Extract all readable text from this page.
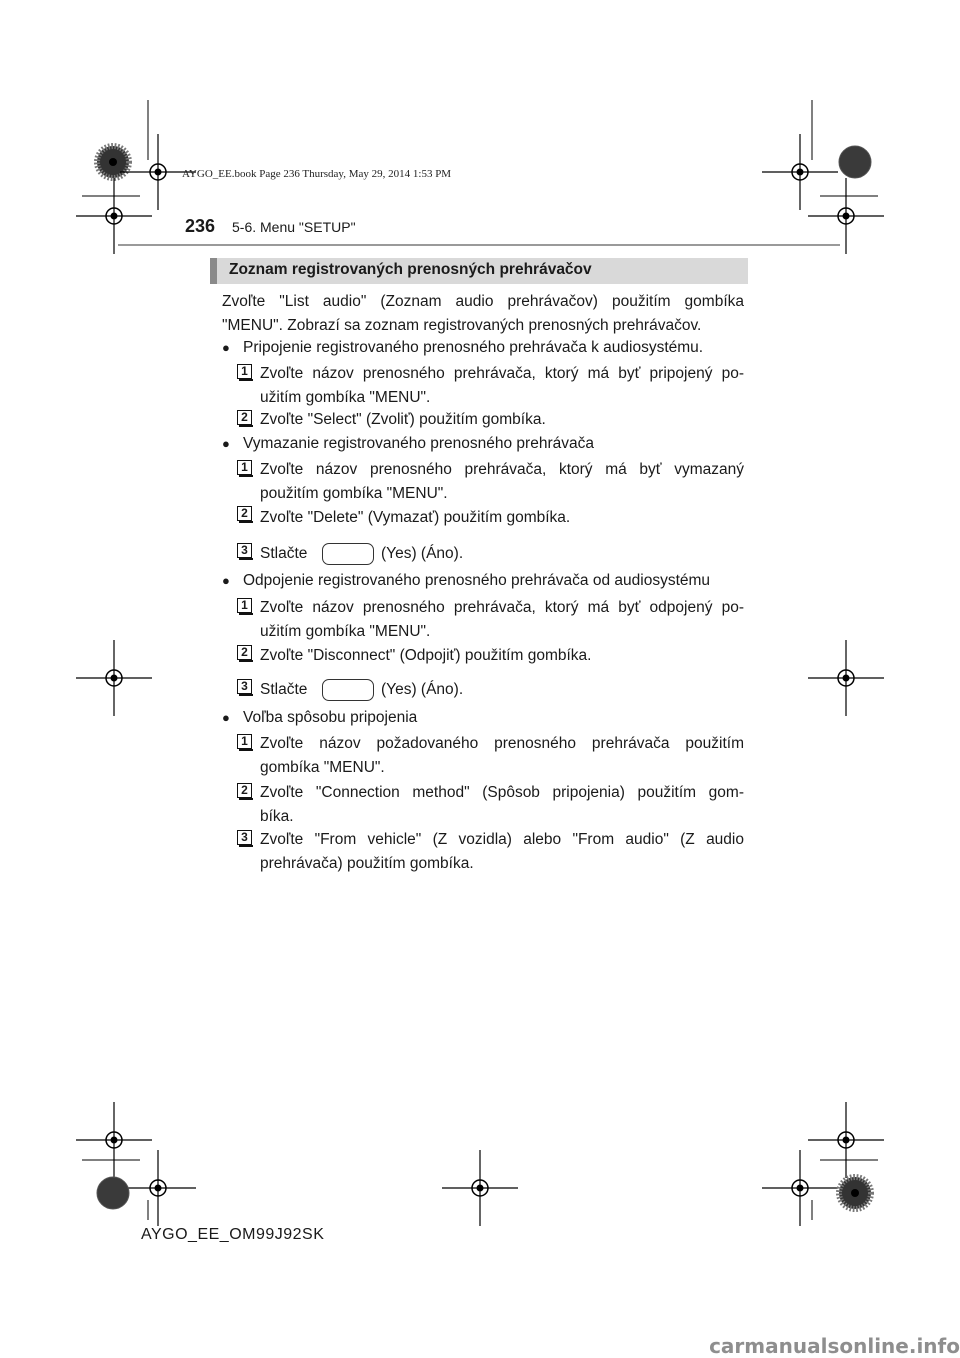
AYGO_EE.book Page 236 Thursday, May 29, 2014 1:53 PM
236 5-6. Menu "SETUP"
Zoznam registrovaných prenosných prehrávačov
Zvoľte "List audio" (Zoznam audio prehrávačov) použitím gombíka
"MENU". Zobrazí sa zoznam registrovaných prenosných prehrávačov.
● Pripojenie registrovaného prenosného prehrávača k audiosystému.
1 Zvoľte názov prenosného prehrávača, ktorý má byť pripojený po-
užitím gombíka "MENU".
2 Zvoľte "Select" (Zvoliť) použitím gombíka.
● Vymazanie registrovaného prenosného prehrávača
1 Zvoľte názov prenosného prehrávača, ktorý má byť vymazaný
použitím gombíka "MENU".
2 Zvoľte "Delete" (Vymazať) použitím gombíka.
3 Stlačte	(Yes) (Áno).
● Odpojenie registrovaného prenosného prehrávača od audiosystému
1 Zvoľte názov prenosného prehrávača, ktorý má byť odpojený po-
užitím gombíka "MENU".
2 Zvoľte "Disconnect" (Odpojiť) použitím gombíka.
3 Stlačte	(Yes) (Áno).
● Voľba spôsobu pripojenia
1 Zvoľte názov požadovaného prenosného prehrávača použitím
gombíka "MENU".
2 Zvoľte "Connection method" (Spôsob pripojenia) použitím gom-
bíka.
3 Zvoľte "From vehicle" (Z vozidla) alebo "From audio" (Z audio
prehrávača) použitím gombíka.
AYGO_EE_OM99J92SK
carmanualsonline.info
